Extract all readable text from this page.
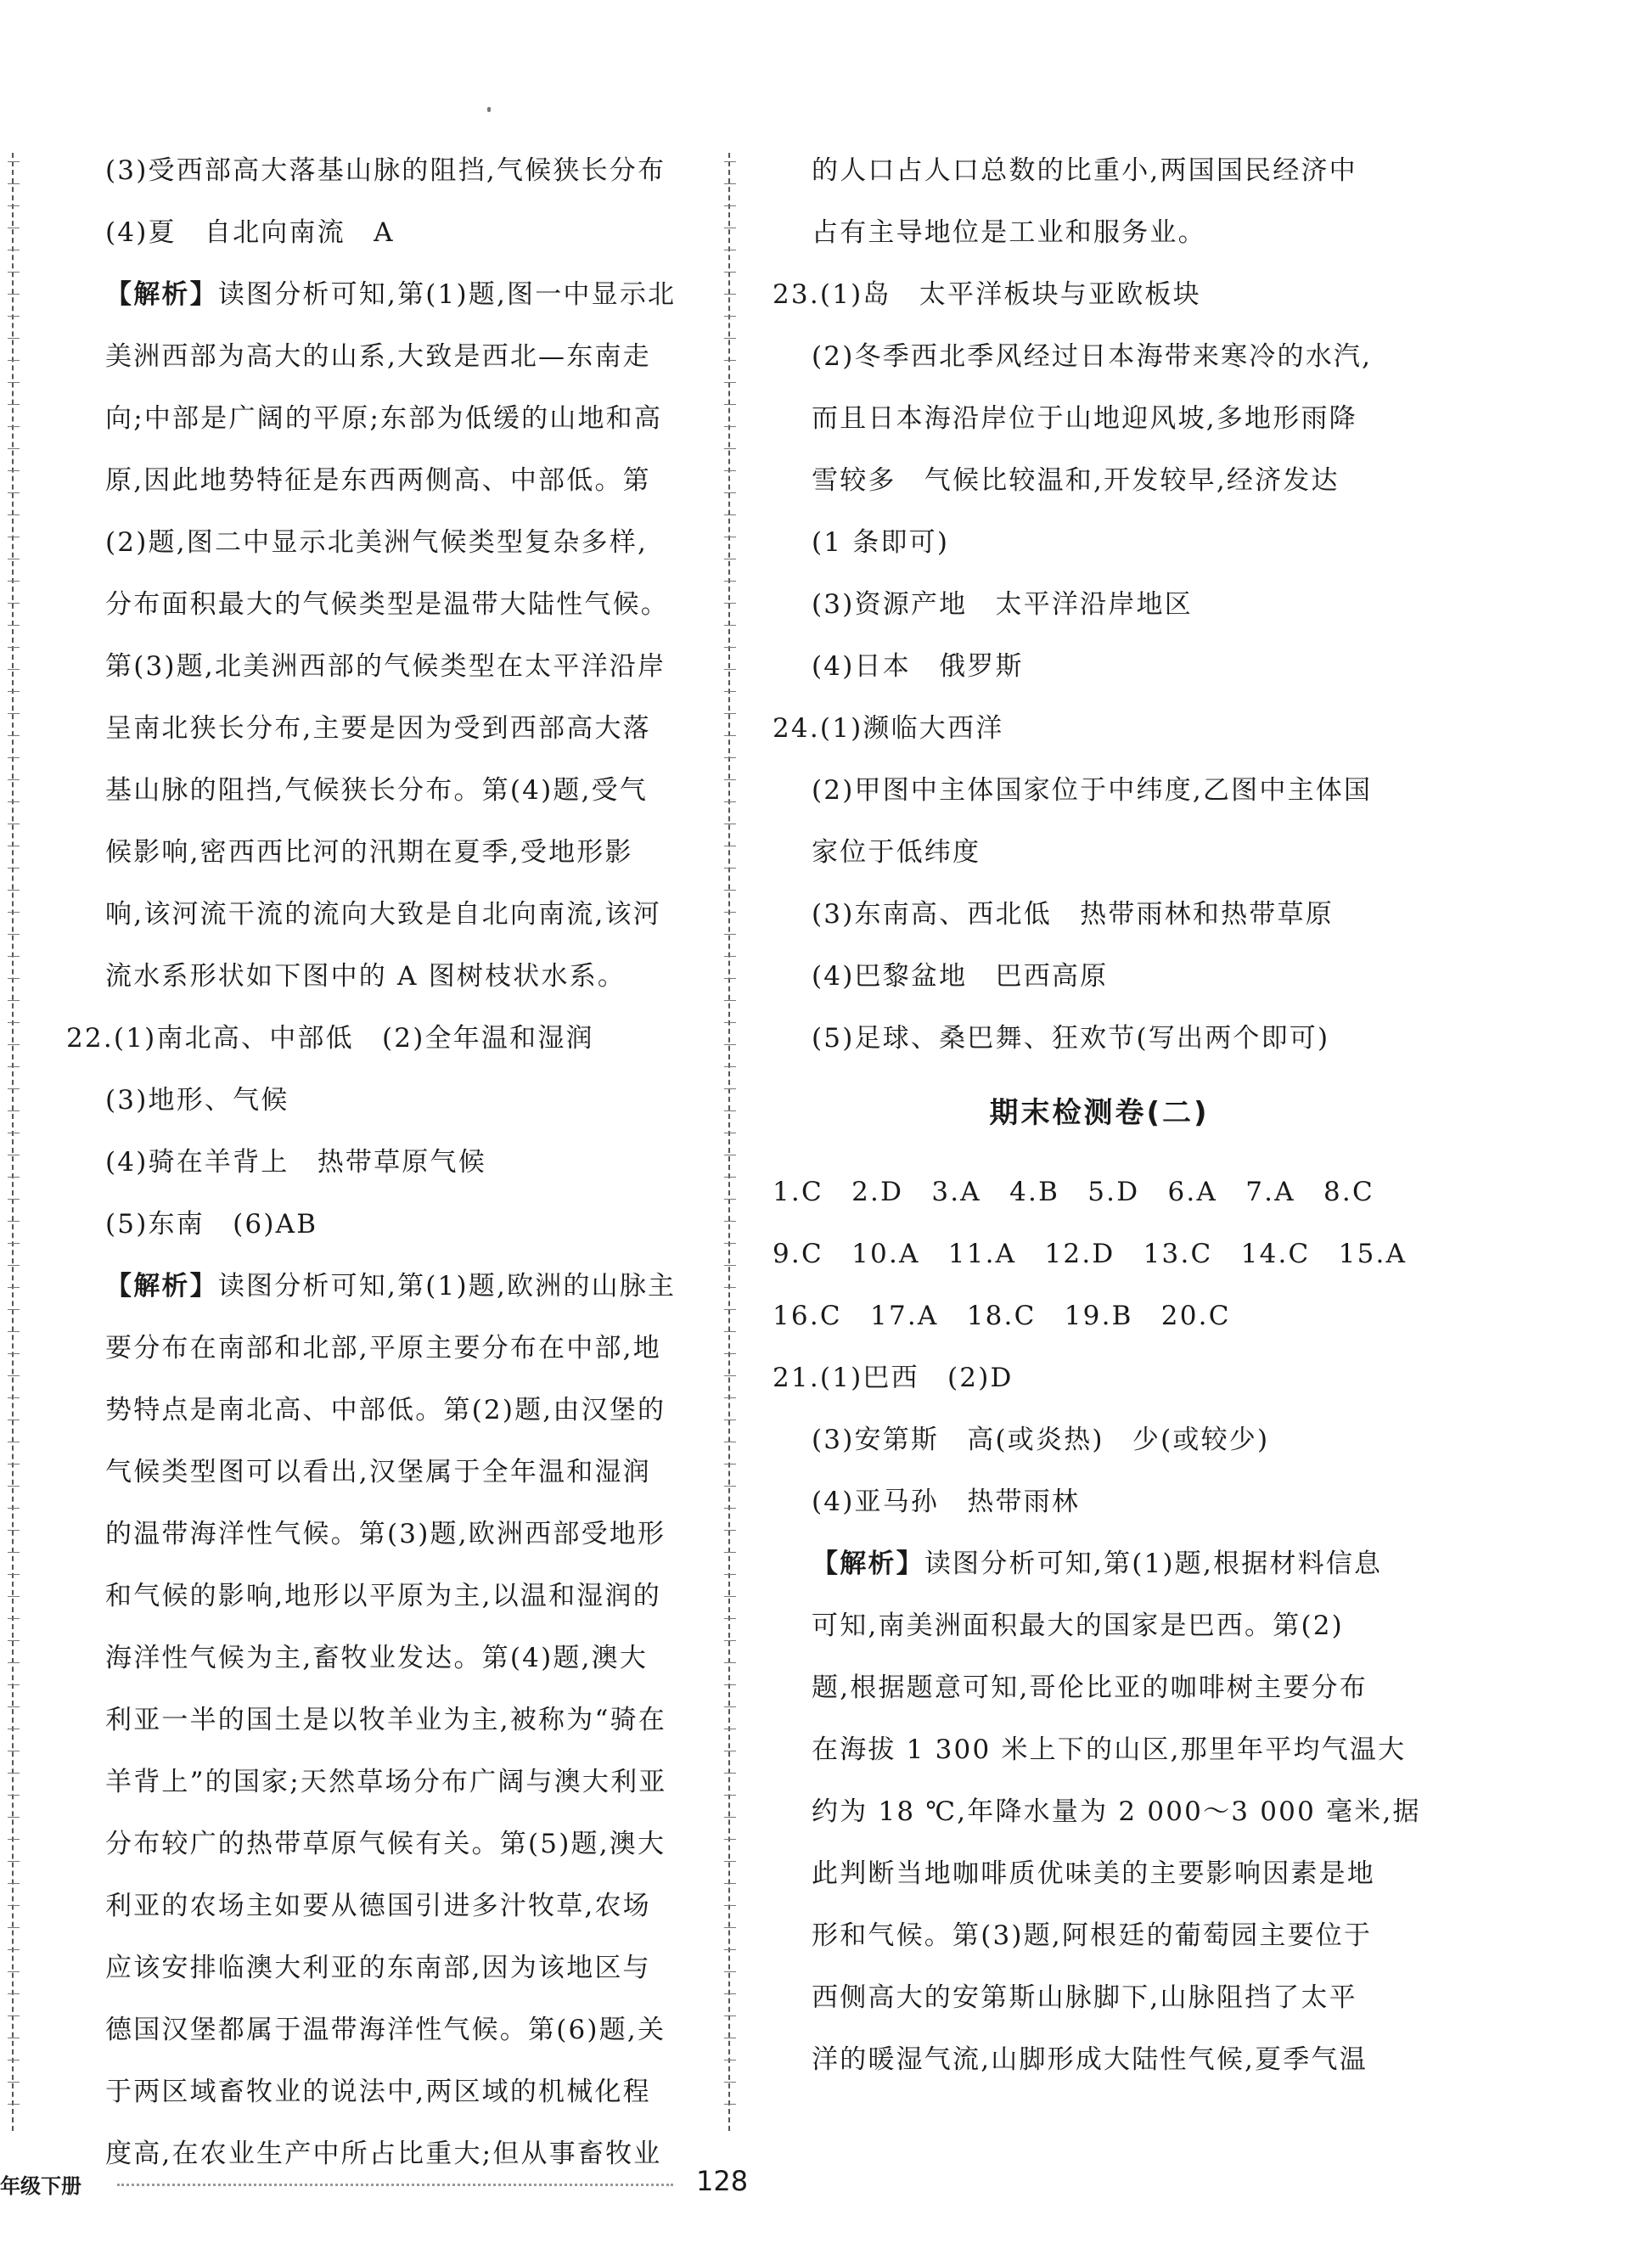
(3)受西部高大落基山脉的阻挡,气候狭长分布
(4)夏　自北向南流　A
【解析】读图分析可知,第(1)题,图一中显示北
美洲西部为高大的山系,大致是西北—东南走
向;中部是广阔的平原;东部为低缓的山地和高
原,因此地势特征是东西两侧高、中部低。第
(2)题,图二中显示北美洲气候类型复杂多样,
分布面积最大的气候类型是温带大陆性气候。
第(3)题,北美洲西部的气候类型在太平洋沿岸
呈南北狭长分布,主要是因为受到西部高大落
基山脉的阻挡,气候狭长分布。第(4)题,受气
候影响,密西西比河的汛期在夏季,受地形影
响,该河流干流的流向大致是自北向南流,该河
流水系形状如下图中的 A 图树枝状水系。
22.(1)南北高、中部低　(2)全年温和湿润
(3)地形、气候
(4)骑在羊背上　热带草原气候
(5)东南　(6)AB
【解析】读图分析可知,第(1)题,欧洲的山脉主
要分布在南部和北部,平原主要分布在中部,地
势特点是南北高、中部低。第(2)题,由汉堡的
气候类型图可以看出,汉堡属于全年温和湿润
的温带海洋性气候。第(3)题,欧洲西部受地形
和气候的影响,地形以平原为主,以温和湿润的
海洋性气候为主,畜牧业发达。第(4)题,澳大
利亚一半的国土是以牧羊业为主,被称为“骑在
羊背上”的国家;天然草场分布广阔与澳大利亚
分布较广的热带草原气候有关。第(5)题,澳大
利亚的农场主如要从德国引进多汁牧草,农场
应该安排临澳大利亚的东南部,因为该地区与
德国汉堡都属于温带海洋性气候。第(6)题,关
于两区域畜牧业的说法中,两区域的机械化程
度高,在农业生产中所占比重大;但从事畜牧业
的人口占人口总数的比重小,两国国民经济中
占有主导地位是工业和服务业。
23.(1)岛　太平洋板块与亚欧板块
(2)冬季西北季风经过日本海带来寒冷的水汽,
而且日本海沿岸位于山地迎风坡,多地形雨降
雪较多　气候比较温和,开发较早,经济发达
(1 条即可)
(3)资源产地　太平洋沿岸地区
(4)日本　俄罗斯
24.(1)濒临大西洋
(2)甲图中主体国家位于中纬度,乙图中主体国
家位于低纬度
(3)东南高、西北低　热带雨林和热带草原
(4)巴黎盆地　巴西高原
(5)足球、桑巴舞、狂欢节(写出两个即可)
期末检测卷(二)
1.C　2.D　3.A　4.B　5.D　6.A　7.A　8.C
9.C　10.A　11.A　12.D　13.C　14.C　15.A
16.C　17.A　18.C　19.B　20.C
21.(1)巴西　(2)D
(3)安第斯　高(或炎热)　少(或较少)
(4)亚马孙　热带雨林
【解析】读图分析可知,第(1)题,根据材料信息
可知,南美洲面积最大的国家是巴西。第(2)
题,根据题意可知,哥伦比亚的咖啡树主要分布
在海拔 1 300 米上下的山区,那里年平均气温大
约为 18 ℃,年降水量为 2 000～3 000 毫米,据
此判断当地咖啡质优味美的主要影响因素是地
形和气候。第(3)题,阿根廷的葡萄园主要位于
西侧高大的安第斯山脉脚下,山脉阻挡了太平
洋的暖湿气流,山脚形成大陆性气候,夏季气温
年级下册	128
